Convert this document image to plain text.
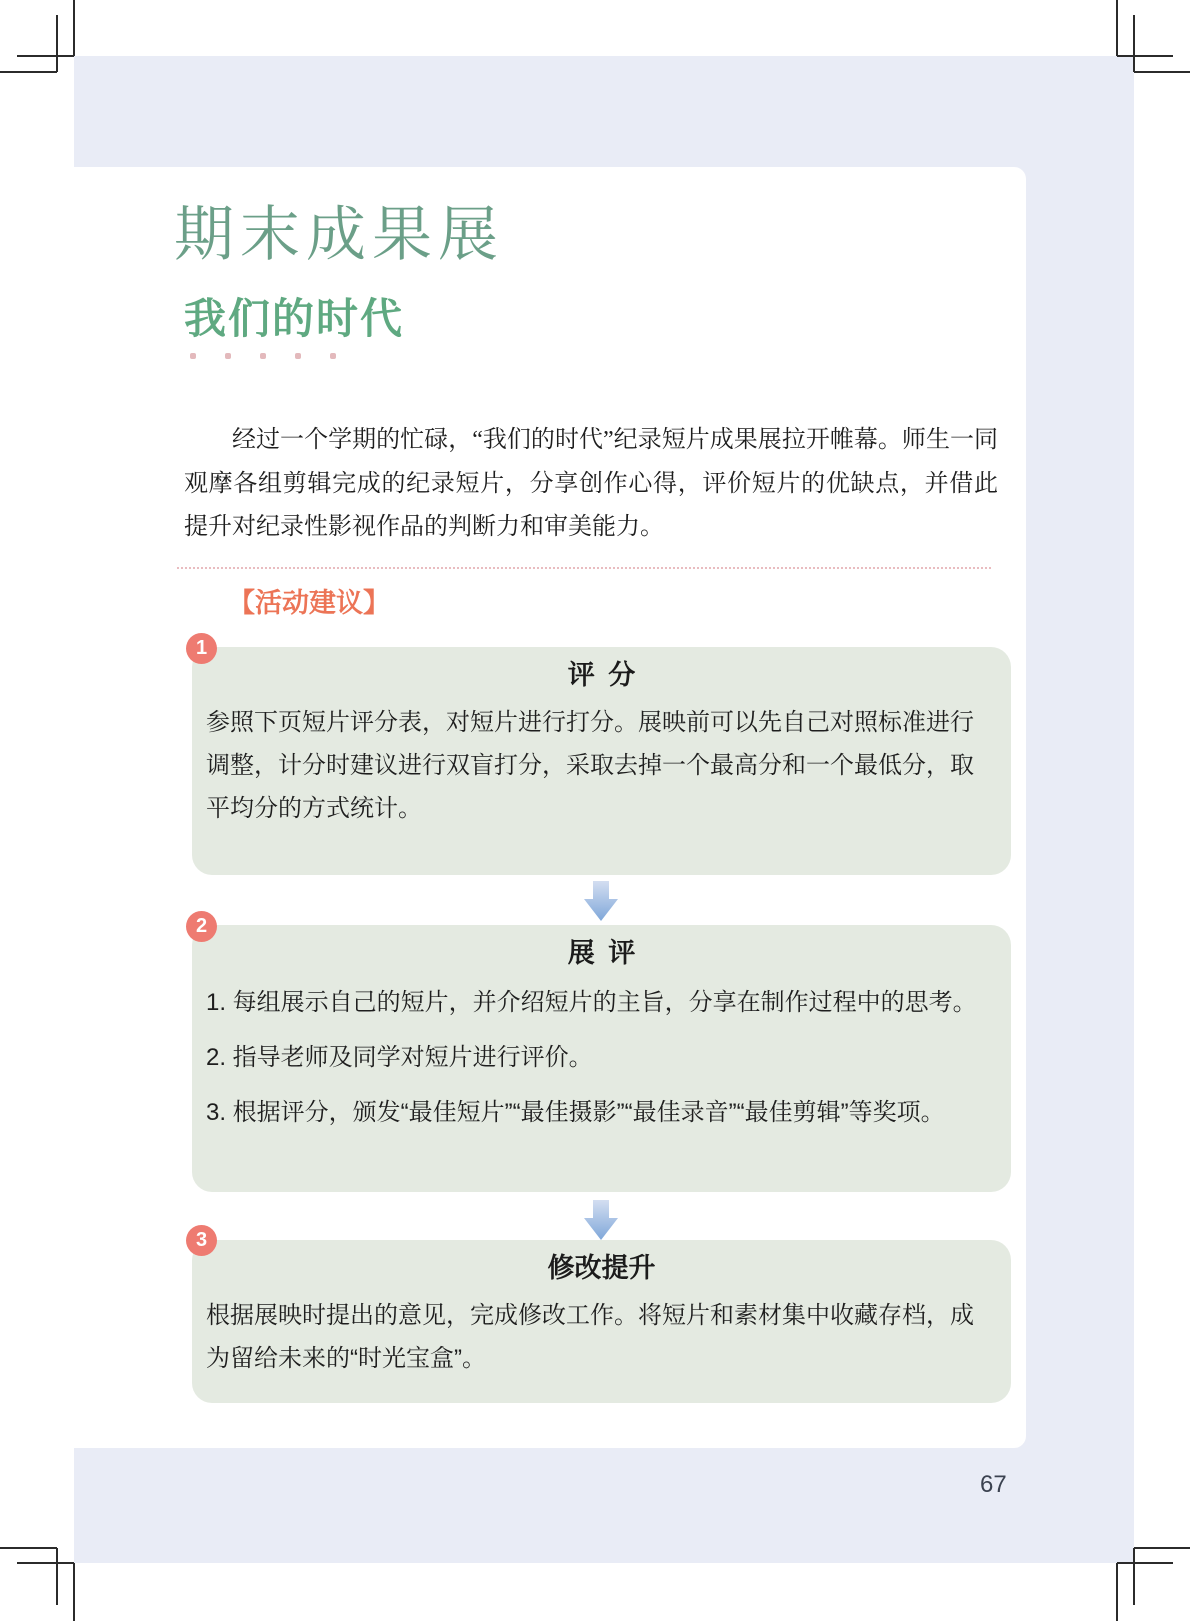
期末成果展
我们的时代

经过一个学期的忙碌，“我们的时代”纪录短片成果展拉开帷幕。师生一同观摩各组剪辑完成的纪录短片，分享创作心得，评价短片的优缺点，并借此提升对纪录性影视作品的判断力和审美能力。

【活动建议】
评 分

参照下页短片评分表，对短片进行打分。展映前可以先自己对照标准进行调整，计分时建议进行双盲打分，采取去掉一个最高分和一个最低分，取平均分的方式统计。

1
展 评

1. 每组展示自己的短片，并介绍短片的主旨，分享在制作过程中的思考。

2. 指导老师及同学对短片进行评价。

3. 根据评分，颁发“最佳短片”“最佳摄影”“最佳录音”“最佳剪辑”等奖项。

2
修改提升

根据展映时提出的意见，完成修改工作。将短片和素材集中收藏存档，成为留给未来的“时光宝盒”。

3
67
